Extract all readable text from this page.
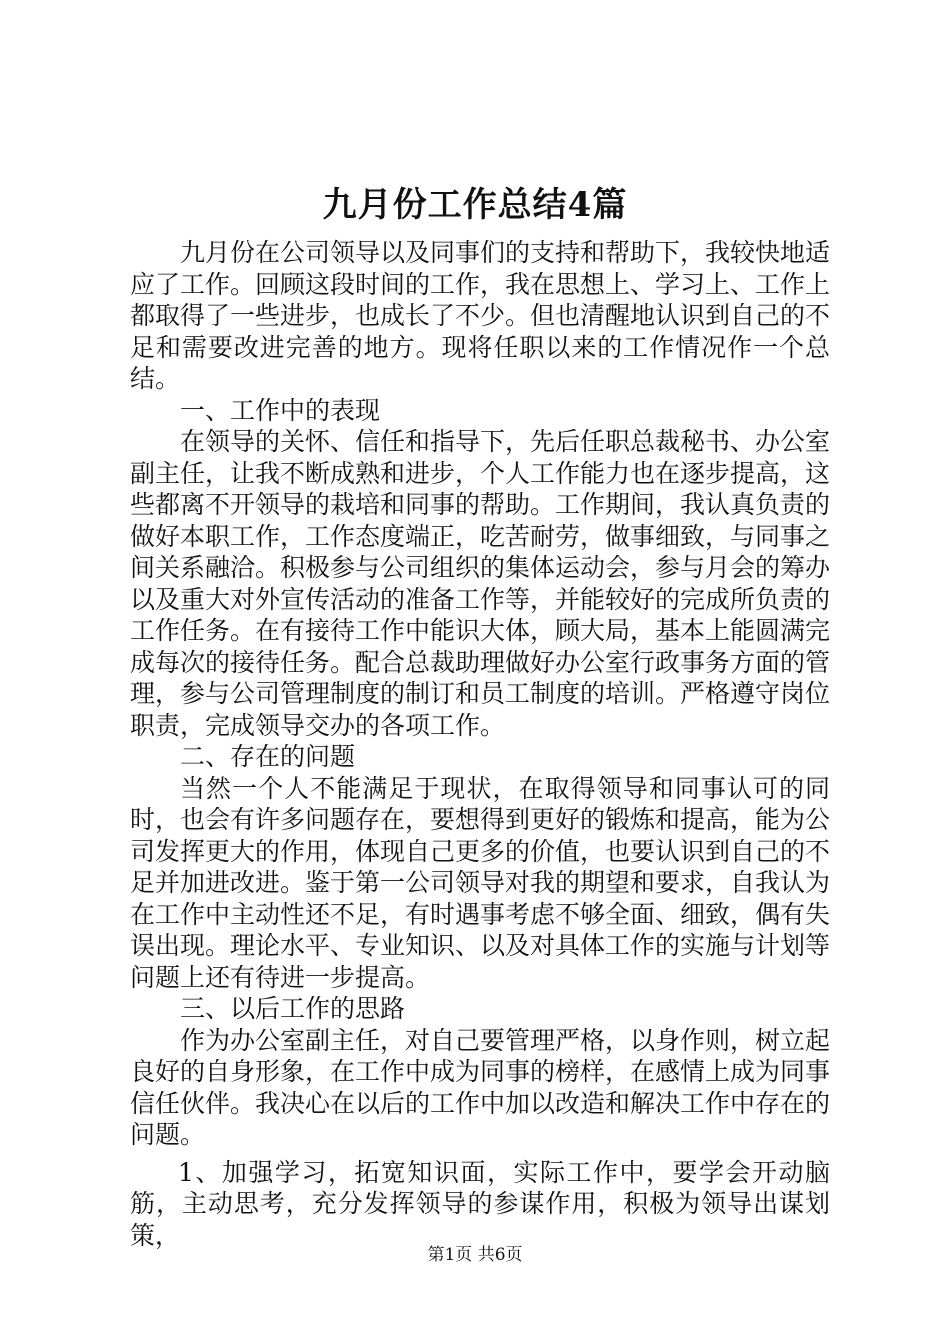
九月份工作总结4篇

九月份在公司领导以及同事们的支持和帮助下，我较快地适应了工作。回顾这段时间的工作，我在思想上、学习上、工作上都取得了一些进步，也成长了不少。但也清醒地认识到自己的不足和需要改进完善的地方。现将任职以来的工作情况作一个总结。

一、工作中的表现

在领导的关怀、信任和指导下，先后任职总裁秘书、办公室副主任，让我不断成熟和进步，个人工作能力也在逐步提高，这些都离不开领导的栽培和同事的帮助。工作期间，我认真负责的做好本职工作，工作态度端正，吃苦耐劳，做事细致，与同事之间关系融洽。积极参与公司组织的集体运动会，参与月会的筹办以及重大对外宣传活动的准备工作等，并能较好的完成所负责的工作任务。在有接待工作中能识大体，顾大局，基本上能圆满完成每次的接待任务。配合总裁助理做好办公室行政事务方面的管理，参与公司管理制度的制订和员工制度的培训。严格遵守岗位职责，完成领导交办的各项工作。

二、存在的问题

当然一个人不能满足于现状，在取得领导和同事认可的同时，也会有许多问题存在，要想得到更好的锻炼和提高，能为公司发挥更大的作用，体现自己更多的价值，也要认识到自己的不足并加进改进。鉴于第一公司领导对我的期望和要求，自我认为在工作中主动性还不足，有时遇事考虑不够全面、细致，偶有失误出现。理论水平、专业知识、以及对具体工作的实施与计划等问题上还有待进一步提高。

三、以后工作的思路

作为办公室副主任，对自己要管理严格，以身作则，树立起良好的自身形象，在工作中成为同事的榜样，在感情上成为同事信任伙伴。我决心在以后的工作中加以改造和解决工作中存在的问题。

1、加强学习，拓宽知识面，实际工作中，要学会开动脑筋，主动思考，充分发挥领导的参谋作用，积极为领导出谋划策，

第1页 共6页
